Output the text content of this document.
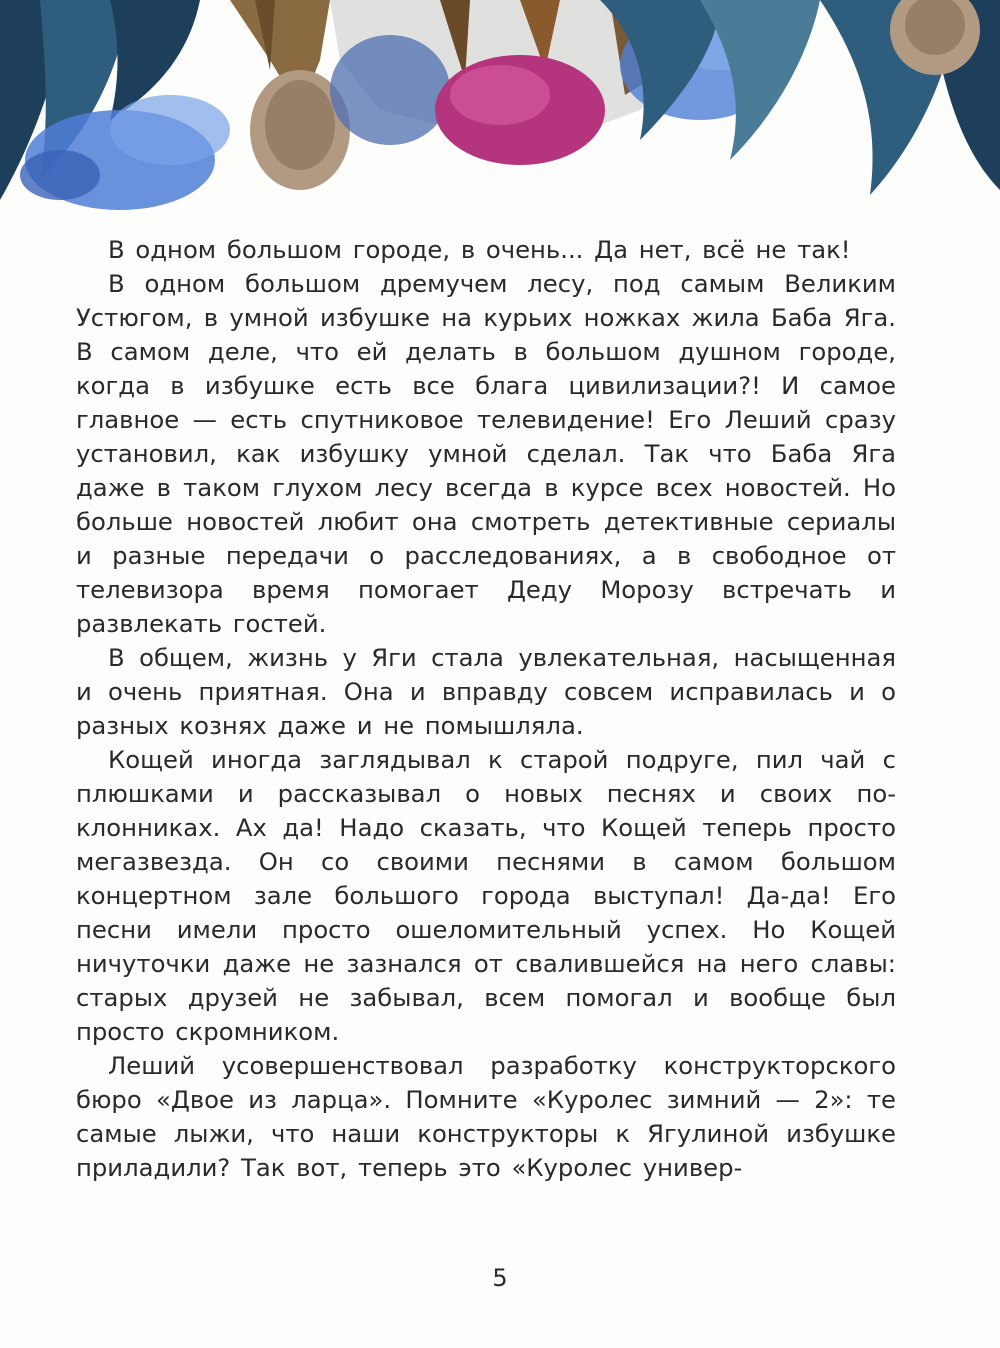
В одном большом городе, в очень... Да нет, всё не так!

В одном большом дремучем лесу, под самым Великим Устюгом, в умной избушке на курьих ножках жила Баба Яга. В самом деле, что ей делать в большом душном городе, когда в избушке есть все блага цивилизации?! И самое главное — есть спутниковое телевидение! Его Леший сразу установил, как избушку умной сделал. Так что Баба Яга даже в таком глухом лесу всегда в курсе всех новостей. Но больше новостей любит она смотреть детективные сериалы и разные передачи о расследованиях, а в свободное от телевизора время помогает Деду Морозу встречать и развлекать гостей.

В общем, жизнь у Яги стала увлекательная, насыщенная и очень приятная. Она и вправду совсем исправилась и о разных кознях даже и не помышляла.

Кощей иногда заглядывал к старой подруге, пил чай с плюшками и рассказывал о новых песнях и своих поклонниках. Ах да! Надо сказать, что Кощей теперь просто мегазвезда. Он со своими песнями в самом большом концертном зале большого города выступал! Да-да! Его песни имели просто ошеломительный успех. Но Кощей ничуточки даже не зазнался от свалившейся на него славы: старых друзей не забывал, всем помогал и вообще был просто скромником.

Леший усовершенствовал разработку конструкторского бюро «Двое из ларца». Помните «Куролес зимний — 2»: те самые лыжи, что наши конструкторы к Ягулиной избушке приладили? Так вот, теперь это «Куролес универ-

5
